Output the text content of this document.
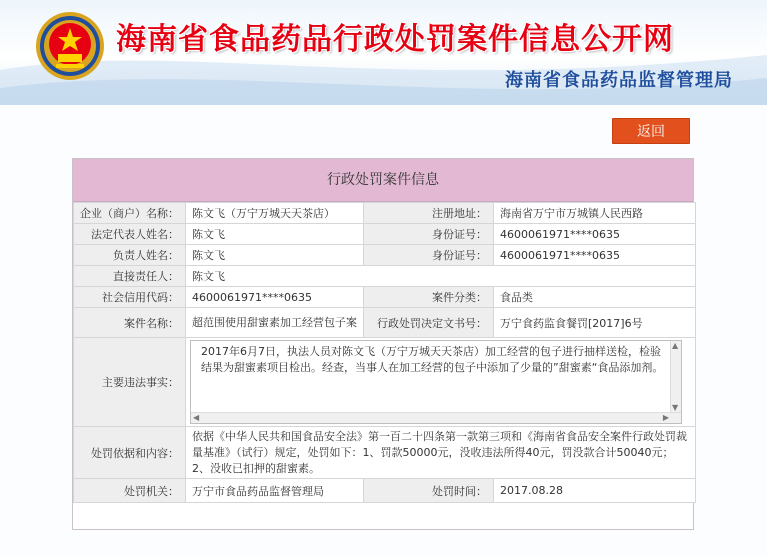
海南省食品药品行政处罚案件信息公开网
海南省食品药品监督管理局
返回
行政处罚案件信息
企业（商户）名称：	陈文飞（万宁万城天天茶店）	注册地址：	海南省万宁市万城镇人民西路
法定代表人姓名：	陈文飞	身份证号：	4600061971****0635
负责人姓名：	陈文飞	身份证号：	4600061971****0635
直接责任人：	陈文飞		
社会信用代码：	4600061971****0635	案件分类：	食品类
案件名称：	超范围使用甜蜜素加工经营包子案	行政处罚决定文书号：	万宁食药监食餐罚[2017]6号
主要违法事实：	2017年6月7日，执法人员对陈文飞（万宁万城天天茶店）加工经营的包子进行抽样送检，检验结果为甜蜜素项目检出。经查，当事人在加工经营的包子中添加了少量的”甜蜜素“食品添加剂。
▲
▼
◀ ▶		

处罚依据和内容：	依据《中华人民共和国食品安全法》第一百二十四条第一款第三项和《海南省食品安全案件行政处罚裁量基准》（试行）规定，处罚如下：1、罚款50000元，没收违法所得40元，罚没款合计50040元；2、没收已扣押的甜蜜素。		
处罚机关：	万宁市食品药品监督管理局	处罚时间：	2017.08.28
